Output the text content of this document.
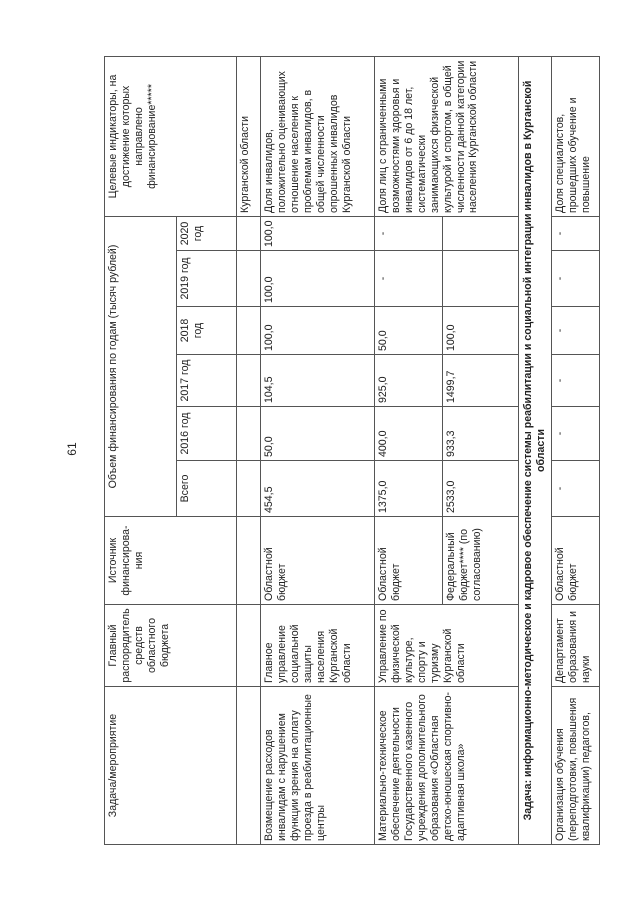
61
Задача/мероприятие	Главный распорядитель средств областного бюджета	Источник финансирова-ния	Объем финансирования по годам (тысяч рублей)						Целевые индикаторы, на достижение которых направлено финансирование*****
			Всего	2016 год	2017 год	2018 год	2019 год	2020 год	

									Курганской области
Возмещение расходов инвалидам с нарушением функции зрения на оплату проезда в реабилитационные центры	Главное управление социальной защиты населения Курганской области	Областной бюджет	454,5	50,0	104,5	100,0	100,0	100,0	Доля инвалидов, положительно оценивающих отношение населения к проблемам инвалидов, в общей численности опрошенных инвалидов Курганской области
Материально-техническое обеспечение деятельности Государственного казенного учреждения дополнительного образования «Областная детско-юношеская спортивно-адаптивная школа»	Управление по физической культуре, спорту и туризму Курганской области	Областной бюджет	1375,0	400,0	925,0	50,0	-	-	Доля лиц с ограниченными возможностями здоровья и инвалидов от 6 до 18 лет, систематически занимающихся физической культурой и спортом, в общей численности данной категории населения Курганской области
		Федеральный бюджет**** (по согласованию)	2533,0	933,3	1499,7	100,0			
Задача: информационно-методическое и кадровое обеспечение системы реабилитации и социальной интеграции инвалидов в Курганской области									
Организация обучения (переподготовки, повышения квалификации) педагогов,	Департамент образования и науки	Областной бюджет	-	-	-	-	-	-	Доля специалистов, прошедших обучение и повышение
